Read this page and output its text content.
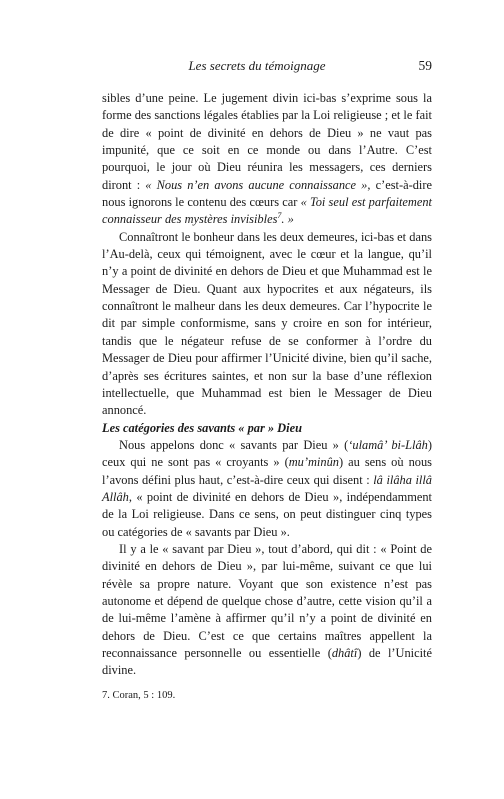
Les secrets du témoignage	59

sibles d’une peine. Le jugement divin ici-bas s’exprime sous la forme des sanctions légales établies par la Loi religieuse ; et le fait de dire « point de divinité en dehors de Dieu » ne vaut pas impunité, que ce soit en ce monde ou dans l’Autre. C’est pourquoi, le jour où Dieu réunira les messagers, ces derniers diront : « Nous n’en avons aucune connaissance », c’est-à-dire nous ignorons le contenu des cœurs car « Toi seul est parfaitement connaisseur des mystères invisibles$^7$. »

Connaîtront le bonheur dans les deux demeures, ici-bas et dans l’Au-delà, ceux qui témoignent, avec le cœur et la langue, qu’il n’y a point de divinité en dehors de Dieu et que Muhammad est le Messager de Dieu. Quant aux hypocrites et aux négateurs, ils connaîtront le malheur dans les deux demeures. Car l’hypocrite le dit par simple conformisme, sans y croire en son for intérieur, tandis que le négateur refuse de se conformer à l’ordre du Messager de Dieu pour affirmer l’Unicité divine, bien qu’il sache, d’après ses écritures saintes, et non sur la base d’une réflexion intellectuelle, que Muhammad est bien le Messager de Dieu annoncé.

Les catégories des savants « par » Dieu

Nous appelons donc « savants par Dieu » (‘ulamâ’ bi-Llâh) ceux qui ne sont pas « croyants » (mu’minûn) au sens où nous l’avons défini plus haut, c’est-à-dire ceux qui disent : lâ ilâha illâ Allâh, « point de divinité en dehors de Dieu », indépendamment de la Loi religieuse. Dans ce sens, on peut distinguer cinq types ou catégories de « savants par Dieu ».

Il y a le « savant par Dieu », tout d’abord, qui dit : « Point de divinité en dehors de Dieu », par lui-même, suivant ce que lui révèle sa propre nature. Voyant que son existence n’est pas autonome et dépend de quelque chose d’autre, cette vision qu’il a de lui-même l’amène à affirmer qu’il n’y a point de divinité en dehors de Dieu. C’est ce que certains maîtres appellent la reconnaissance personnelle ou essentielle (dhâtî) de l’Unicité divine.

7. Coran, 5 : 109.
